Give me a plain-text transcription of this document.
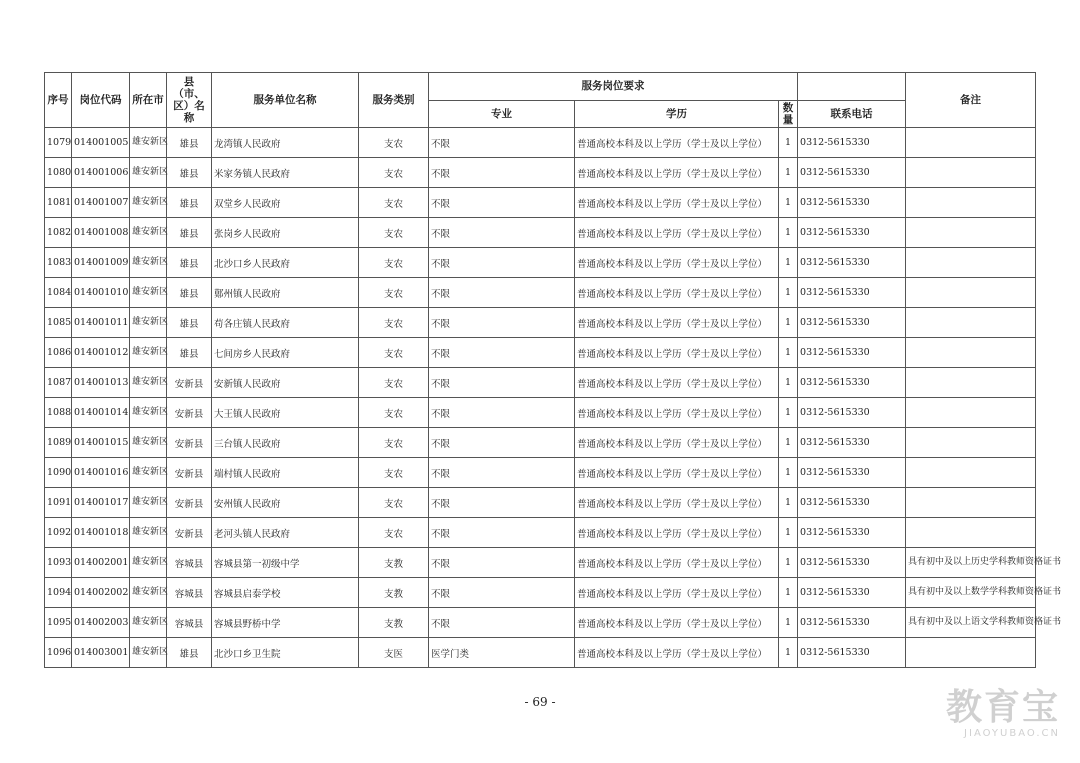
序号	岗位代码	所在市	县（市、区）名称	服务单位名称	服务类别	服务岗位要求				备注
						专业	学历	数量	联系电话	
1079	014001005	雄安新区	雄县	龙湾镇人民政府	支农	不限	普通高校本科及以上学历（学士及以上学位）	1	0312-5615330	
1080	014001006	雄安新区	雄县	米家务镇人民政府	支农	不限	普通高校本科及以上学历（学士及以上学位）	1	0312-5615330	
1081	014001007	雄安新区	雄县	双堂乡人民政府	支农	不限	普通高校本科及以上学历（学士及以上学位）	1	0312-5615330	
1082	014001008	雄安新区	雄县	张岗乡人民政府	支农	不限	普通高校本科及以上学历（学士及以上学位）	1	0312-5615330	
1083	014001009	雄安新区	雄县	北沙口乡人民政府	支农	不限	普通高校本科及以上学历（学士及以上学位）	1	0312-5615330	
1084	014001010	雄安新区	雄县	鄚州镇人民政府	支农	不限	普通高校本科及以上学历（学士及以上学位）	1	0312-5615330	
1085	014001011	雄安新区	雄县	苟各庄镇人民政府	支农	不限	普通高校本科及以上学历（学士及以上学位）	1	0312-5615330	
1086	014001012	雄安新区	雄县	七间房乡人民政府	支农	不限	普通高校本科及以上学历（学士及以上学位）	1	0312-5615330	
1087	014001013	雄安新区	安新县	安新镇人民政府	支农	不限	普通高校本科及以上学历（学士及以上学位）	1	0312-5615330	
1088	014001014	雄安新区	安新县	大王镇人民政府	支农	不限	普通高校本科及以上学历（学士及以上学位）	1	0312-5615330	
1089	014001015	雄安新区	安新县	三台镇人民政府	支农	不限	普通高校本科及以上学历（学士及以上学位）	1	0312-5615330	
1090	014001016	雄安新区	安新县	端村镇人民政府	支农	不限	普通高校本科及以上学历（学士及以上学位）	1	0312-5615330	
1091	014001017	雄安新区	安新县	安州镇人民政府	支农	不限	普通高校本科及以上学历（学士及以上学位）	1	0312-5615330	
1092	014001018	雄安新区	安新县	老河头镇人民政府	支农	不限	普通高校本科及以上学历（学士及以上学位）	1	0312-5615330	
1093	014002001	雄安新区	容城县	容城县第一初级中学	支教	不限	普通高校本科及以上学历（学士及以上学位）	1	0312-5615330	具有初中及以上历史学科教师资格证书
1094	014002002	雄安新区	容城县	容城县启泰学校	支教	不限	普通高校本科及以上学历（学士及以上学位）	1	0312-5615330	具有初中及以上数学学科教师资格证书
1095	014002003	雄安新区	容城县	容城县野桥中学	支教	不限	普通高校本科及以上学历（学士及以上学位）	1	0312-5615330	具有初中及以上语文学科教师资格证书
1096	014003001	雄安新区	雄县	北沙口乡卫生院	支医	医学门类	普通高校本科及以上学历（学士及以上学位）	1	0312-5615330	
- 69 -	教育宝
JIAOYUBAO.CN
